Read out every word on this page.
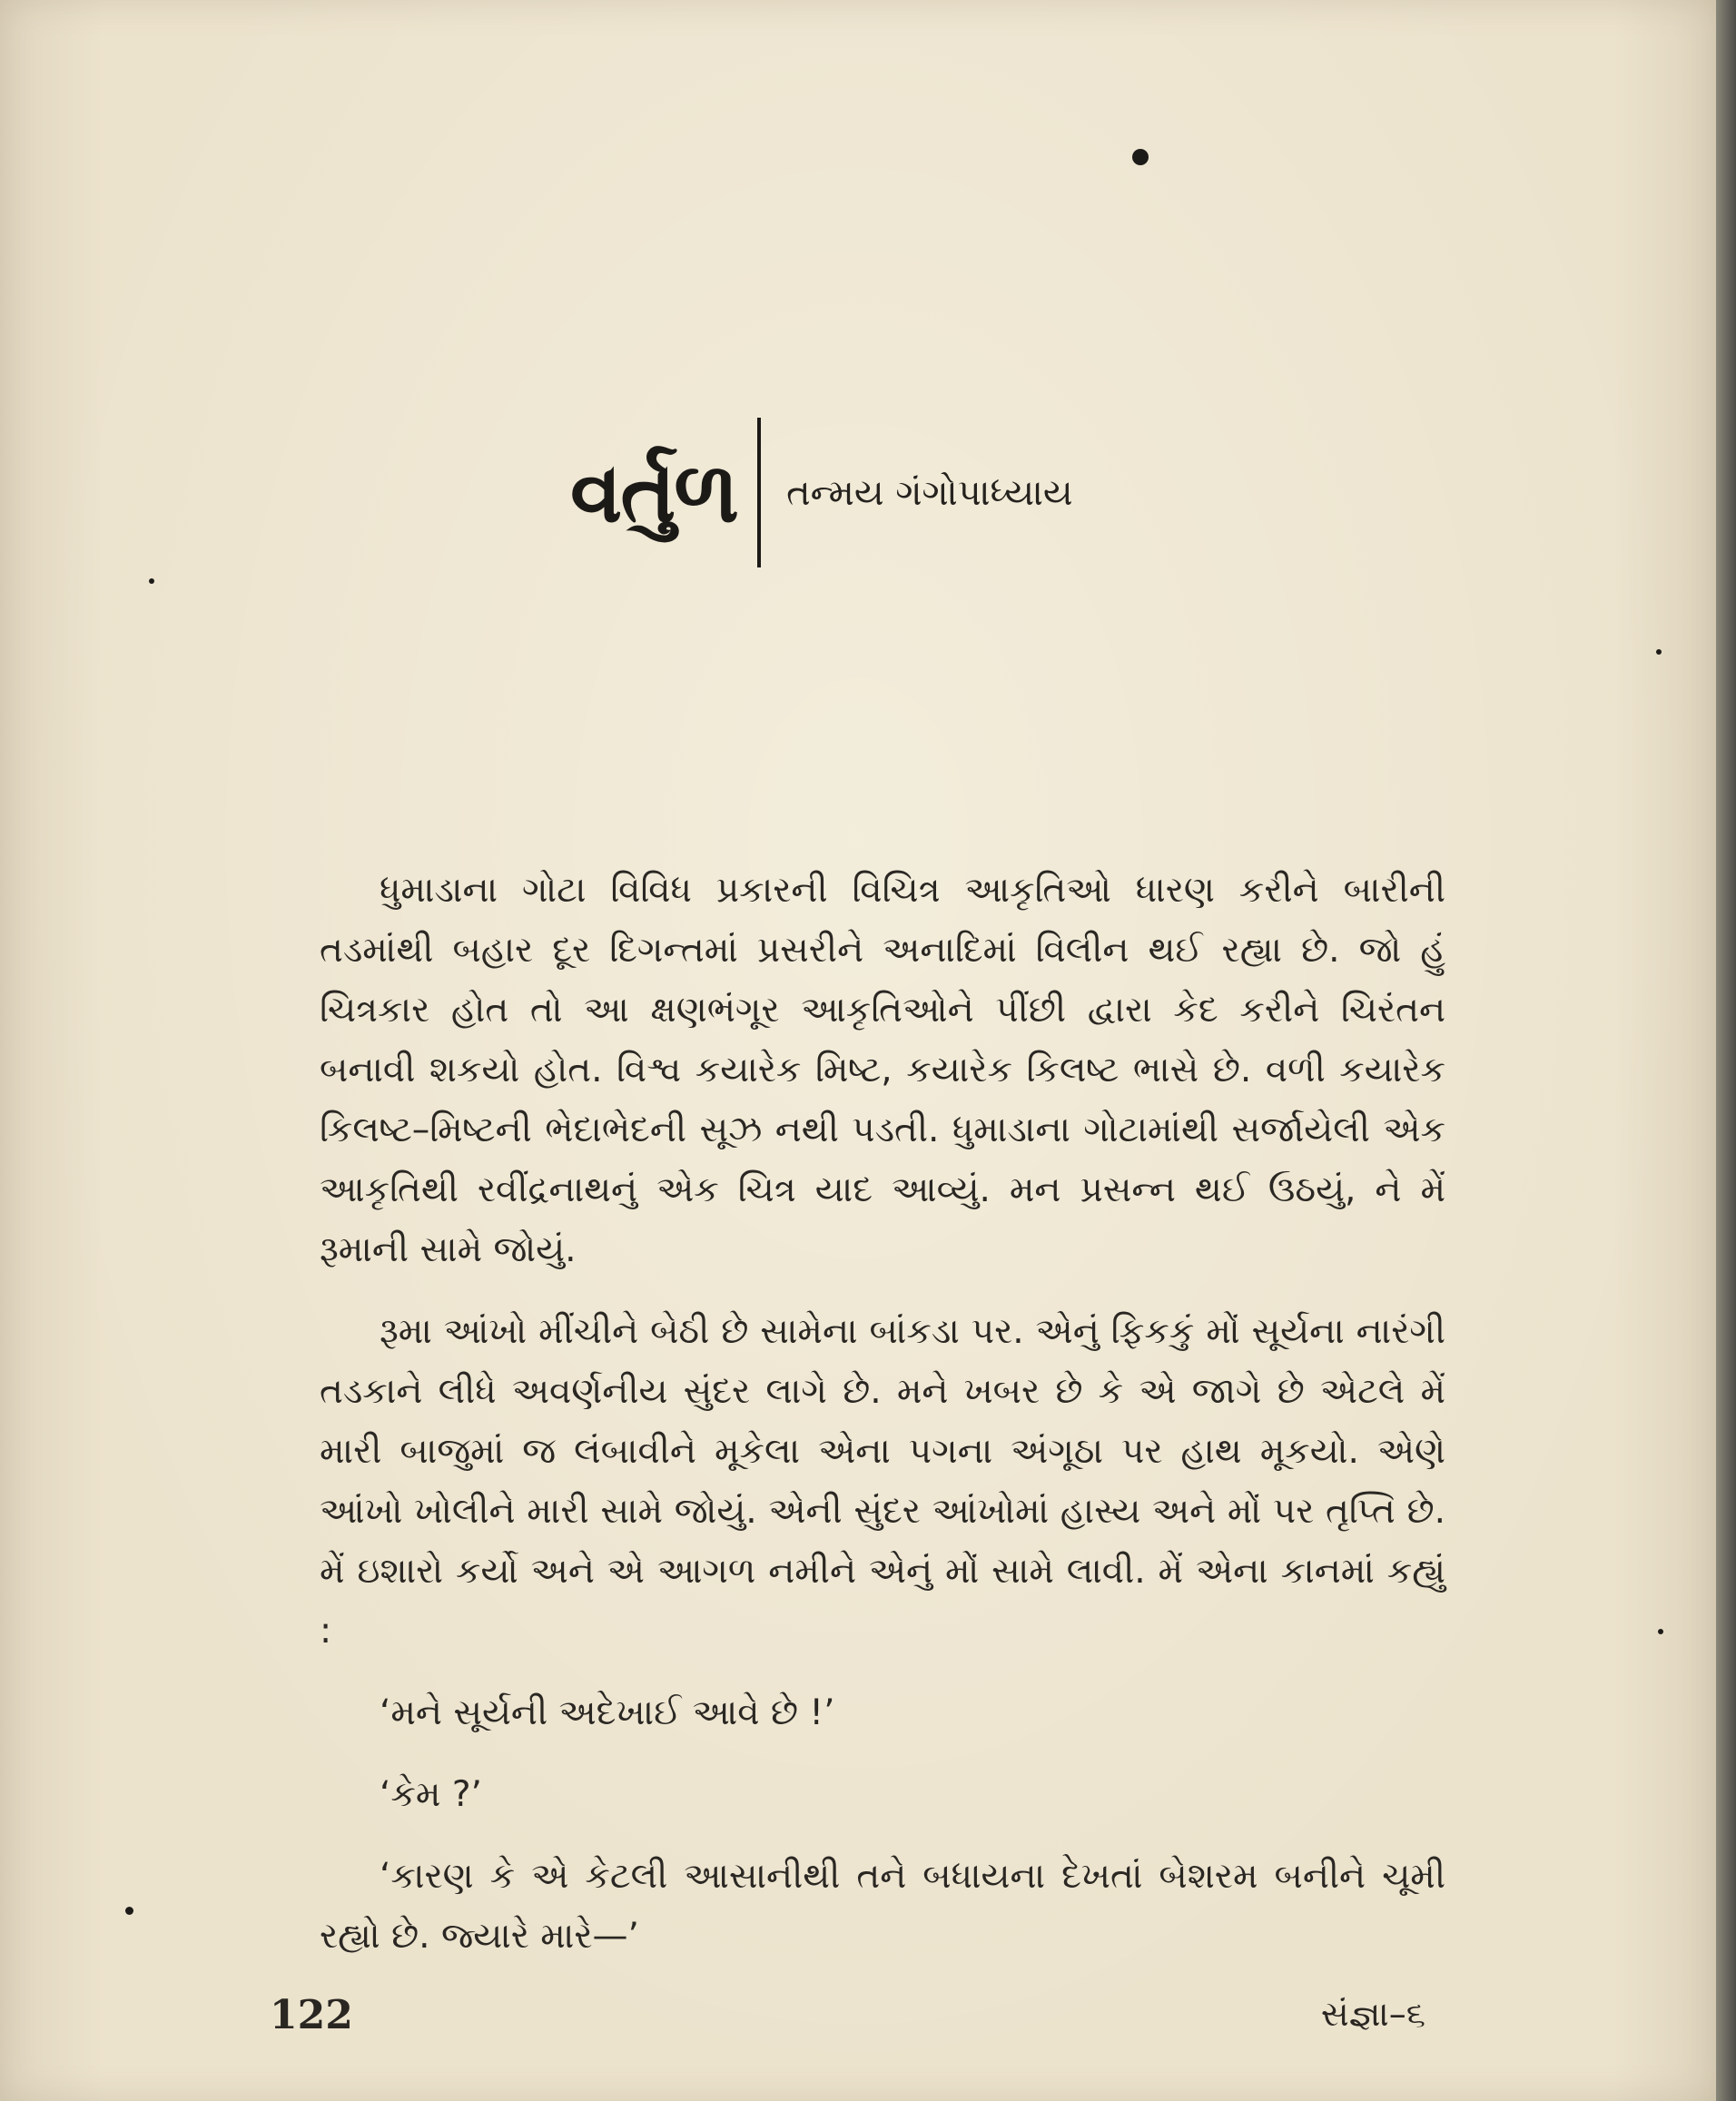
વર્તુળ તન્મય ગંગોપાધ્યાય

ધુમાડાના ગોટા વિવિધ પ્રકારની વિચિત્ર આકૃતિઓ ધારણ કરીને બારીની તડમાંથી બહાર દૂર દિગન્તમાં પ્રસરીને અનાદિમાં વિલીન થઈ રહ્યા છે. જો હું ચિત્રકાર હોત તો આ ક્ષણભંગૂર આકૃતિઓને પીંછી દ્વારા કેદ કરીને ચિરંતન બનાવી શકયો હોત. વિશ્વ કયારેક મિષ્ટ, કયારેક કિલષ્ટ ભાસે છે. વળી કયારેક કિલષ્ટ–મિષ્ટની ભેદાભેદની સૂઝ નથી પડતી. ધુમાડાના ગોટામાંથી સર્જાયેલી એક આકૃતિથી રવીંદ્રનાથનું એક ચિત્ર યાદ આવ્યું. મન પ્રસન્ન થઈ ઉઠયું, ને મેં રૂમાની સામે જોયું.

રૂમા આંખો મીંચીને બેઠી છે સામેના બાંકડા પર. એનું ફિકકું મોં સૂર્યના નારંગી તડકાને લીધે અવર્ણનીય સુંદર લાગે છે. મને ખબર છે કે એ જાગે છે એટલે મેં મારી બાજુમાં જ લંબાવીને મૂકેલા એના પગના અંગૂઠા પર હાથ મૂકયો. એણે આંખો ખોલીને મારી સામે જોયું. એની સુંદર આંખોમાં હાસ્ય અને મોં પર તૃપ્તિ છે. મેં ઇશારો કર્યો અને એ આગળ નમીને એનું મોં સામે લાવી. મેં એના કાનમાં કહ્યું :

‘મને સૂર્યની અદેખાઈ આવે છે !’

‘કેમ ?’

‘કારણ કે એ કેટલી આસાનીથી તને બધાયના દેખતાં બેશરમ બનીને ચૂમી રહ્યો છે. જ્યારે મારે—’

122	સંજ્ઞા–૬
